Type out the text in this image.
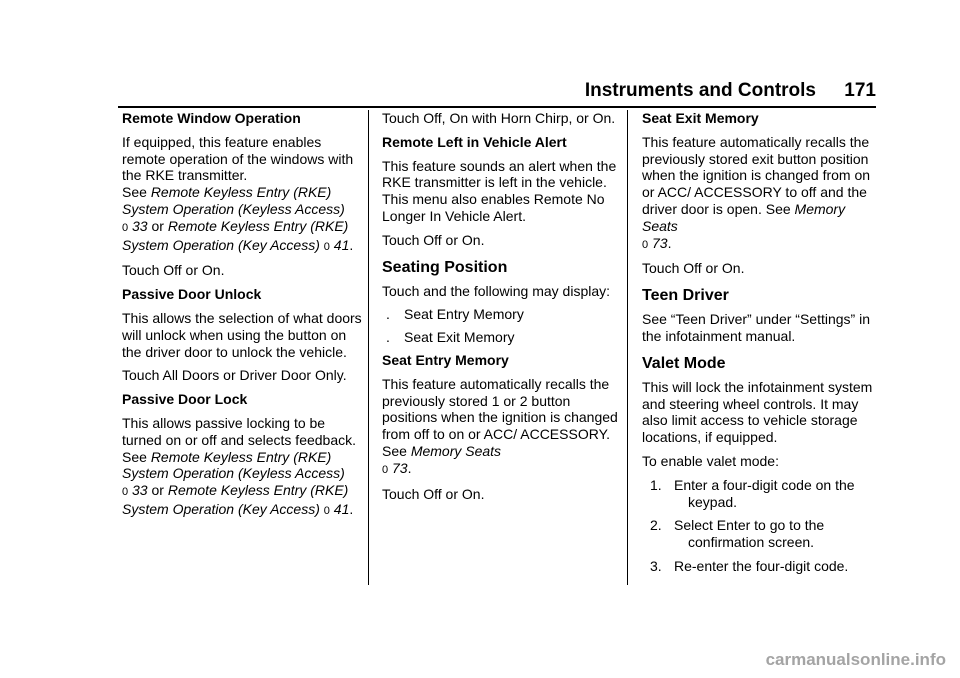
Instruments and Controls 171

Remote Window Operation

If equipped, this feature enables remote operation of the windows with the RKE transmitter.
See Remote Keyless Entry (RKE) System Operation (Keyless Access)
0 33 or Remote Keyless Entry (RKE) System Operation (Key Access) 0 41.

Touch Off or On.

Passive Door Unlock

This allows the selection of what doors will unlock when using the button on the driver door to unlock the vehicle.

Touch All Doors or Driver Door Only.

Passive Door Lock

This allows passive locking to be turned on or off and selects feedback.
See Remote Keyless Entry (RKE) System Operation (Keyless Access)
0 33 or Remote Keyless Entry (RKE) System Operation (Key Access) 0 41.

Touch Off, On with Horn Chirp, or On.

Remote Left in Vehicle Alert

This feature sounds an alert when the RKE transmitter is left in the vehicle. This menu also enables Remote No Longer In Vehicle Alert.

Touch Off or On.

Seating Position

Touch and the following may display:

. Seat Entry Memory

. Seat Exit Memory

Seat Entry Memory

This feature automatically recalls the previously stored 1 or 2 button positions when the ignition is changed from off to on or ACC/ ACCESSORY. See Memory Seats
0 73.

Touch Off or On.

Seat Exit Memory

This feature automatically recalls the previously stored exit button position when the ignition is changed from on or ACC/ ACCESSORY to off and the driver door is open. See Memory Seats
0 73.

Touch Off or On.

Teen Driver

See “Teen Driver” under “Settings” in the infotainment manual.

Valet Mode

This will lock the infotainment system and steering wheel controls. It may also limit access to vehicle storage locations, if equipped.

To enable valet mode:

1. Enter a four-digit code on the
keypad.
2. Select Enter to go to the
confirmation screen.
3. Re-enter the four-digit code.
carmanualsonline.info
